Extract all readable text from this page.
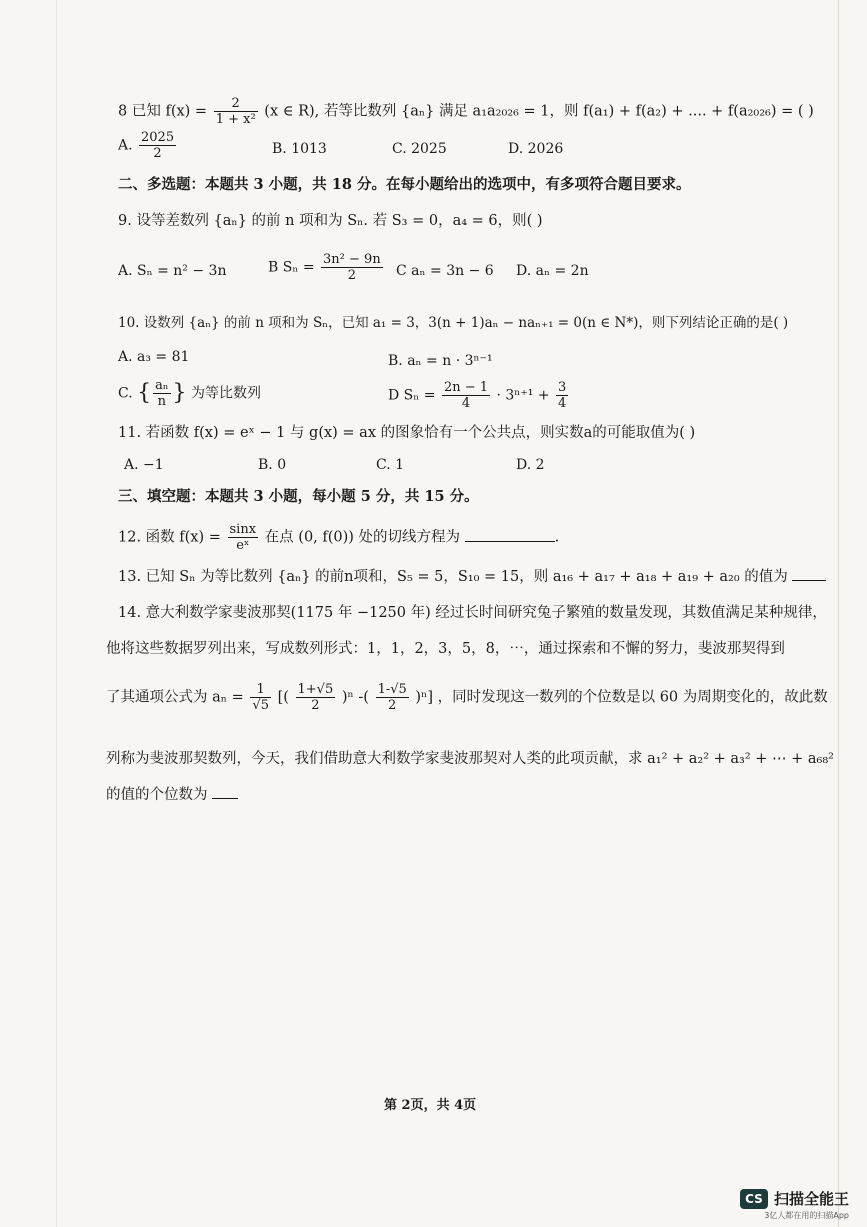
8 已知 $f(x) = \frac{2}{\text{1 + x²}} (x$ ∈ R), 若等比数列 {aₙ} 满足 a₁a₂₀₂₆ = 1，则 f(a₁) + f(a₂) + .... + f(a₂₀₂₆) = ( )
A. $\frac{2025}{2}$	B. 1013	C. 2025	D. 2026
二、多选题：本题共 3 小题，共 18 分。在每小题给出的选项中，有多项符合题目要求。
9. 设等差数列 {aₙ} 的前 n 项和为 Sₙ. 若 S₃ = 0，a₄ = 6，则( )
A. Sₙ = n² − 3n	B $S_n = \frac{\text{3n² − 9n}}{2}$ C aₙ = 3n − 6 D. aₙ = 2n
10. 设数列 {aₙ} 的前 n 项和为 Sₙ，已知 a₁ = 3，3(n + 1)aₙ − naₙ₊₁ = 0(n ∈ N*)，则下列结论正确的是( )
A. a₃ = 81	B. aₙ = n · 3ⁿ⁻¹
C. { $\frac{\text{aₙ}}{n}$ } 为等比数列	D $S_n = \frac{2n - 1}{4} \cdot 3^{n+1} + \frac{3}{4}$
11. 若函数 f(x) = eˣ − 1 与 g(x) = ax 的图象恰有一个公共点，则实数a的可能取值为( )
A. −1	B. 0	C. 1	D. 2
三、填空题：本题共 3 小题，每小题 5 分，共 15 分。
12. 函数 $f(x) = \frac{\sin x}{\text{eˣ}}$ 在点 (0, f(0)) 处的切线方程为	.
13. 已知 Sₙ 为等比数列 {aₙ} 的前n项和，S₅ = 5，S₁₀ = 15，则 a₁₆ + a₁₇ + a₁₈ + a₁₉ + a₂₀ 的值为
14. 意大利数学家斐波那契(1175 年 −1250 年) 经过长时间研究兔子繁殖的数量发现，其数值满足某种规律，
他将这些数据罗列出来，写成数列形式：1，1，2，3，5，8，⋯，通过探索和不懈的努力，斐波那契得到
了其通项公式为 $a_n = \frac{1}{√5}$ [( $\frac{1+√5}{2} )^n$ -( $\frac{1-√5}{2} )^n$] ，同时发现这一数列的个位数是以 60 为周期变化的，故此数
列称为斐波那契数列，今天，我们借助意大利数学家斐波那契对人类的此项贡献，求 a₁² + a₂² + a₃² + ⋯ + a₆₈²
的值的个位数为
第 2页，共 4页
CS 扫描全能王
3亿人都在用的扫描App
